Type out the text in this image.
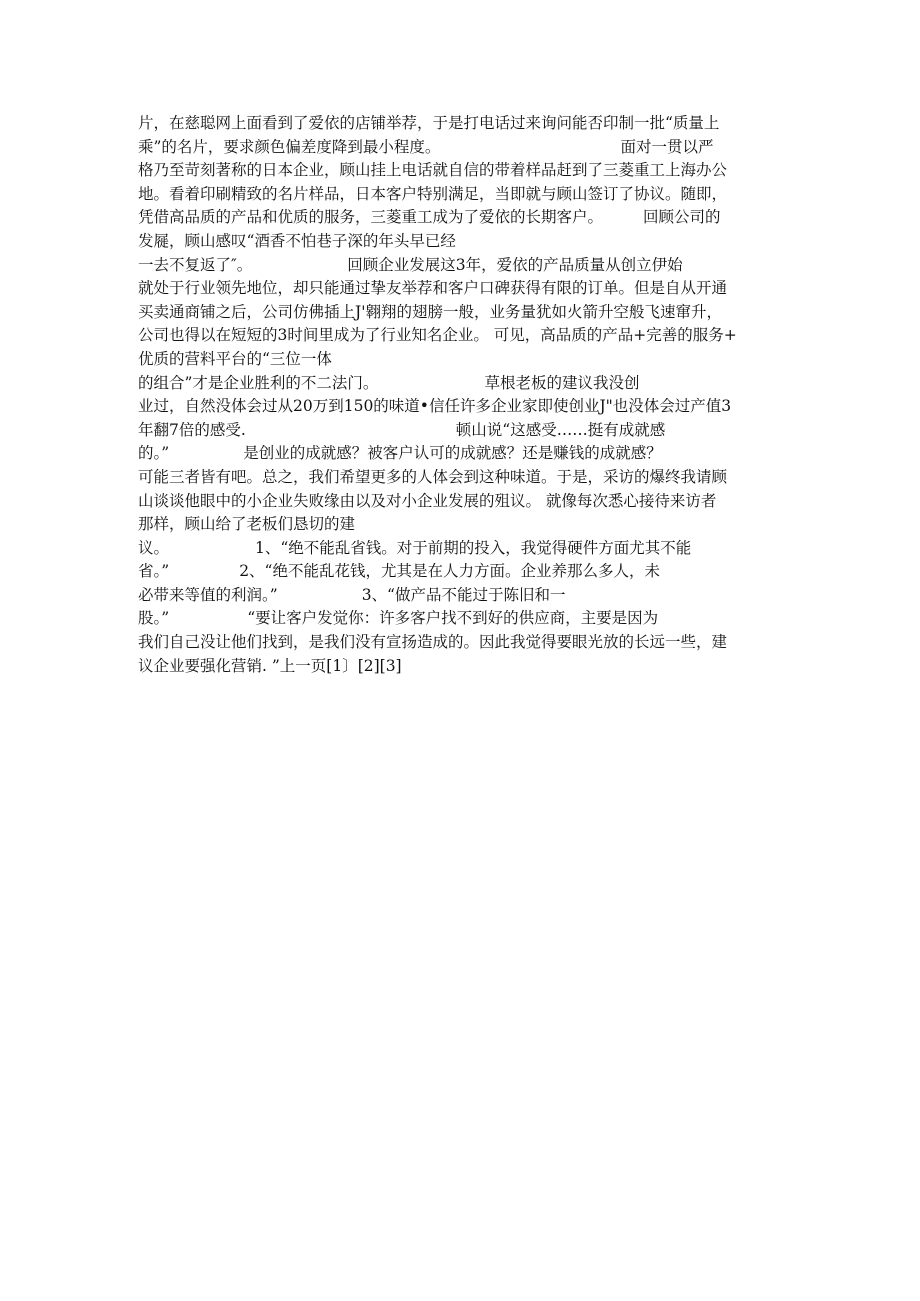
片，在慈聪网上面看到了爱依的店铺举荐，于是打电话过来询问能否印制一批“质量上
乘”的名片，要求颜色偏差度降到最小程度。	面对一贯以严
格乃至苛刻著称的日本企业，顾山挂上电话就自信的带着样品赶到了三菱重工上海办公
地。看着印刷精致的名片样品，日本客户特别满足，当即就与顾山签订了协议。随即，
凭借高品质的产品和优质的服务，三菱重工成为了爱依的长期客户。	回顾公司的
发屣，顾山感叹“酒香不怕巷子深的年头早已经
一去不复返了″。	回顾企业发展这3年，爱依的产品质量从创立伊始
就处于行业领先地位，却只能通过挚友举荐和客户口碑获得有限的订单。但是自从开通
买卖通商铺之后，公司仿佛插上J'翱翔的翅膀一般，业务量犹如火箭升空般飞速窜升，
公司也得以在短短的3时间里成为了行业知名企业。 可见，高品质的产品+完善的服务+
优质的营料平台的“三位一体
的组合”才是企业胜利的不二法门。	草根老板的建议我没创
业过，自然没体会过从20万到150的味道•信任许多企业家即使创业J"也没体会过产值3
年翻7倍的感受.	顿山说“这感受……挺有成就感
的。”	是创业的成就感？被客户认可的成就感？还是赚钱的成就感？
可能三者皆有吧。总之，我们希望更多的人体会到这种味道。于是，采访的爆终我请顾
山谈谈他眼中的小企业失败缘由以及对小企业发展的殂议。 就像每次悉心接待来访者
那样，顾山给了老板们恳切的建
议。	1、“绝不能乱省钱。对于前期的投入，我觉得硬件方面尤其不能
省。”	2、“绝不能乱花钱，尤其是在人力方面。企业养那么多人，未
必带来等值的利润。”	3、“做产品不能过于陈旧和一
股。”	“要让客户发觉你：许多客户找不到好的供应商，主要是因为
我们自己没让他们找到，是我们没有宣扬造成的。因此我觉得要眼光放的长远一些，建
议企业要强化营销. ”上一页[1〕[2][3]
